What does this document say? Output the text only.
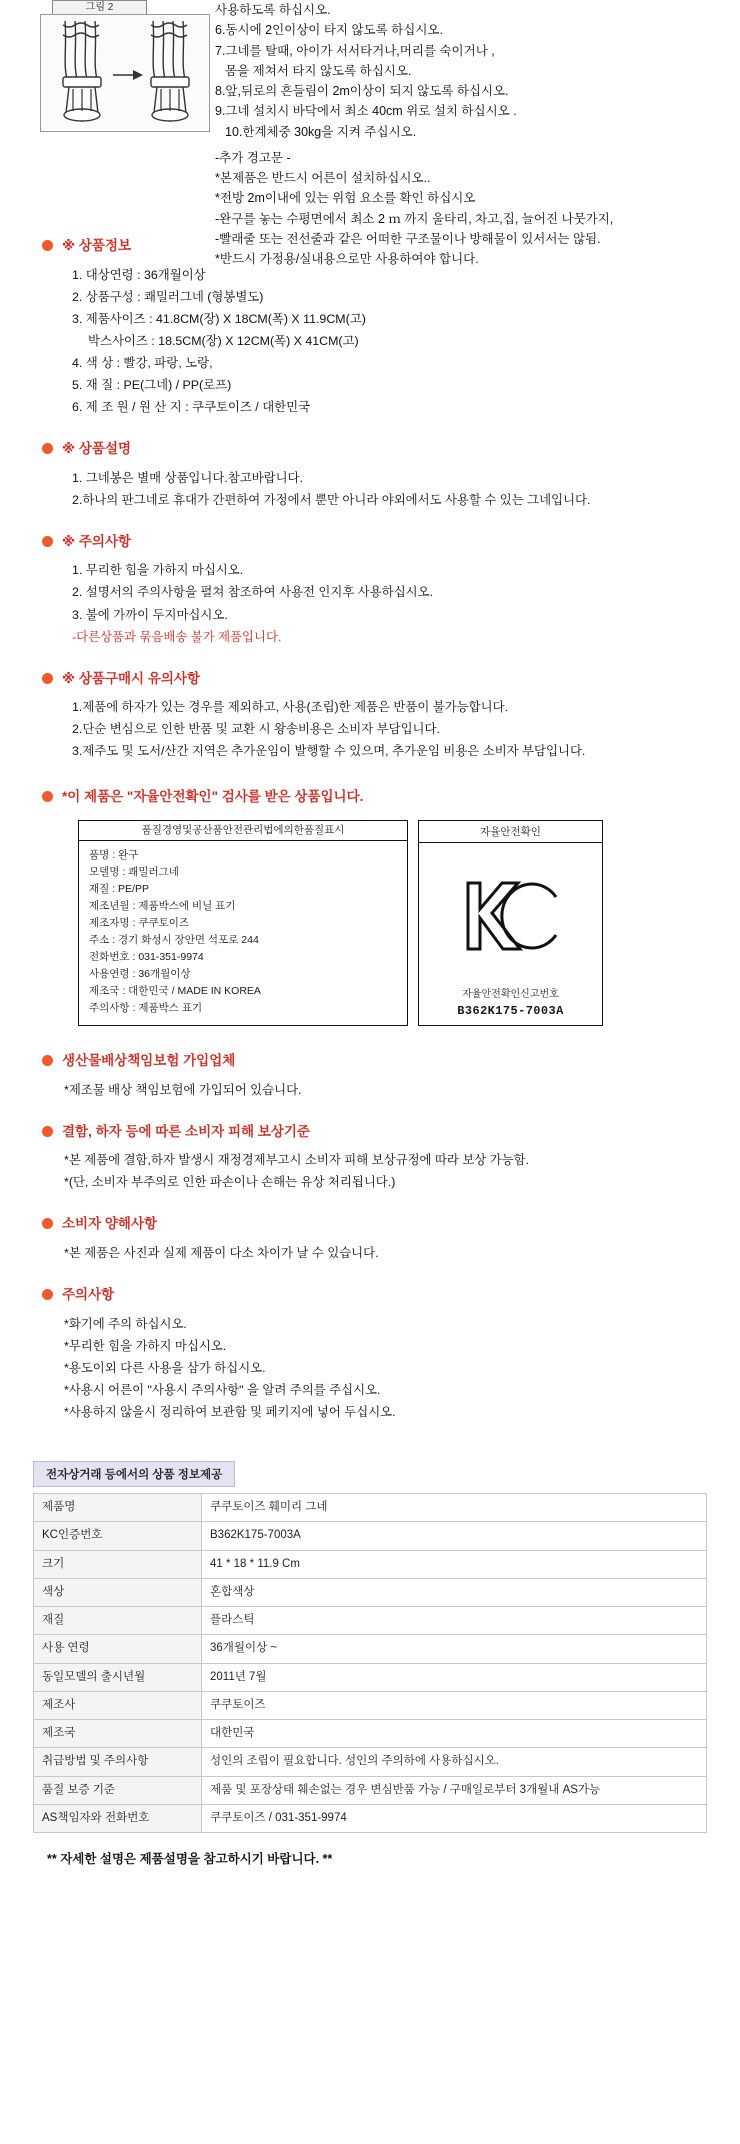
그림 2	사용하도록 하십시오.
6.동시에 2인이상이 타지 않도록 하십시오.
7.그네를 탈때, 아이가 서서타거나,머리를 숙이거나 ,
몸을 제쳐서 타지 않도록 하십시오.
8.앞,뒤로의 흔들림이 2m이상이 되지 않도록 하십시오.
9.그네 설치시 바닥에서 최소 40cm 위로 설치 하십시오 .
10.한계체중 30kg을 지켜 주십시오.
-추가 경고문 -
*본제품은 반드시 어른이 설치하십시오..
*전방 2m이내에 있는 위험 요소를 확인 하십시오
-완구를 놓는 수평면에서 최소 2 ｍ 까지 울타리, 차고,집, 늘어진 나뭇가지,
-빨래줄 또는 전선줄과 같은 어떠한 구조물이나 방해물이 있서서는 않됨.
*반드시 가정용/실내용으로만 사용하여야 합니다.
※ 상품정보
1. 대상연령 : 36개월이상
2. 상품구성 : 쾌밀러그네 (형봉별도)
3. 제품사이즈 : 41.8CM(장) X 18CM(폭) X 11.9CM(고)
박스사이즈 : 18.5CM(장) X 12CM(폭) X 41CM(고)
4. 색 상 : 빨강, 파랑, 노랑,
5. 재 질 : PE(그네) / PP(로프)
6. 제 조 원 / 원 산 지 : 쿠쿠토이즈 / 대한민국
※ 상품설명
1. 그네봉은 별매 상품입니다.참고바랍니다.
2.하나의 판그네로 휴대가 간편하여 가정에서 뿐만 아니라 야외에서도 사용할 수 있는 그네입니다.
※ 주의사항
1. 무리한 힘을 가하지 마십시오.
2. 설명서의 주의사항을 펼쳐 참조하여 사용전 인지후 사용하십시오.
3. 불에 가까이 두지마십시오.
-다른상품과 묶음배송 불가 제품입니다.
※ 상품구매시 유의사항
1.제품에 하자가 있는 경우를 제외하고, 사용(조립)한 제품은 반품이 불가능합니다.
2.단순 변심으로 인한 반품 및 교환 시 왕송비용은 소비자 부담입니다.
3.제주도 및 도서/산간 지역은 추가운임이 발행할 수 있으며, 추가운임 비용은 소비자 부담입니다.
*이 제품은 "자율안전확인" 검사를 받은 상품입니다.
품질경영및공산품안전관리법에의한품질표시
품명 : 완구
모델명 : 쾌밀러그네
재질 : PE/PP
제조년월 : 제품박스에 비닐 표기
제조자명 : 쿠쿠토이즈
주소 : 경기 화성시 장안면 석포로 244
전화번호 : 031-351-9974
사용연령 : 36개월이상
제조국 : 대한민국 / MADE IN KOREA
주의사항 : 제품박스 표기
자율안전확인
자율안전확인신고번호
B362K175-7003A
생산물배상책임보험 가입업체
*제조물 배상 책임보험에 가입되어 있습니다.
결함, 하자 등에 따른 소비자 피해 보상기준
*본 제품에 결함,하자 발생시 재정경제부고시 소비자 피해 보상규정에 따라 보상 가능함.
*(단, 소비자 부주의로 인한 파손이나 손해는 유상 처리됩니다.)
소비자 양해사항
*본 제품은 사진과 실제 제품이 다소 차이가 날 수 있습니다.
주의사항
*화기에 주의 하십시오.
*무리한 힘을 가하지 마십시오.
*용도이외 다른 사용을 삼가 하십시오.
*사용시 어른이 "사용시 주의사항" 을 알려 주의를 주십시오.
*사용하지 않을시 정리하여 보관함 및 페키지에 넣어 두십시오.
전자상거래 등에서의 상품 정보제공
제품명	쿠쿠토이즈 훼미리 그네
KC인증번호	B362K175-7003A
크기	41 * 18 * 11.9 Cm
색상	혼합색상
재질	플라스틱
사용 연령	36개월이상 ~
동일모델의 출시년월	2011년 7월
제조사	쿠쿠토이즈
제조국	대한민국
취급방법 및 주의사항	성인의 조립이 필요합니다. 성인의 주의하에 사용하십시오.
품질 보증 기준	제품 및 포장상태 훼손없는 경우 변심반품 가능 / 구매일로부터 3개월내 AS가능
AS책임자와 전화번호	쿠쿠토이즈 / 031-351-9974
** 자세한 설명은 제품설명을 참고하시기 바랍니다. **
